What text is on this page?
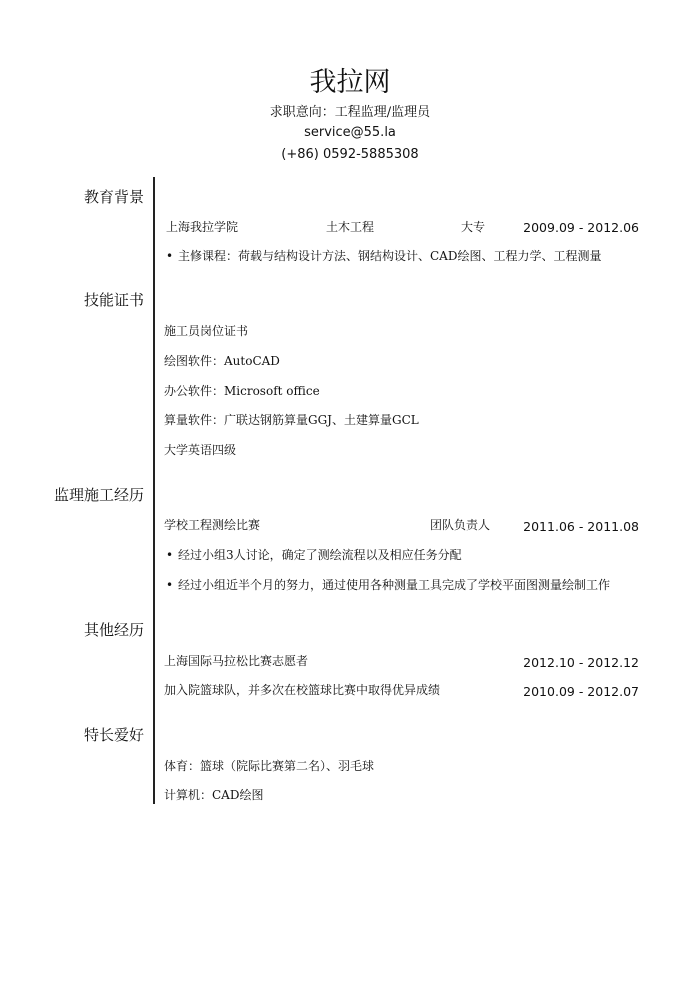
我拉网
求职意向：工程监理/监理员
service@55.la
(+86) 0592-5885308
教育背景
上海我拉学院	土木工程	大专	2009.09 - 2012.06
• 主修课程：荷载与结构设计方法、钢结构设计、CAD绘图、工程力学、工程测量
技能证书
施工员岗位证书
绘图软件：AutoCAD
办公软件：Microsoft office
算量软件：广联达钢筋算量GGJ、土建算量GCL
大学英语四级
监理施工经历
学校工程测绘比赛	团队负责人	2011.06 - 2011.08
• 经过小组3人讨论，确定了测绘流程以及相应任务分配
• 经过小组近半个月的努力，通过使用各种测量工具完成了学校平面图测量绘制工作
其他经历
上海国际马拉松比赛志愿者	2012.10 - 2012.12
加入院篮球队，并多次在校篮球比赛中取得优异成绩	2010.09 - 2012.07
特长爱好
体育：篮球（院际比赛第二名）、羽毛球
计算机：CAD绘图
